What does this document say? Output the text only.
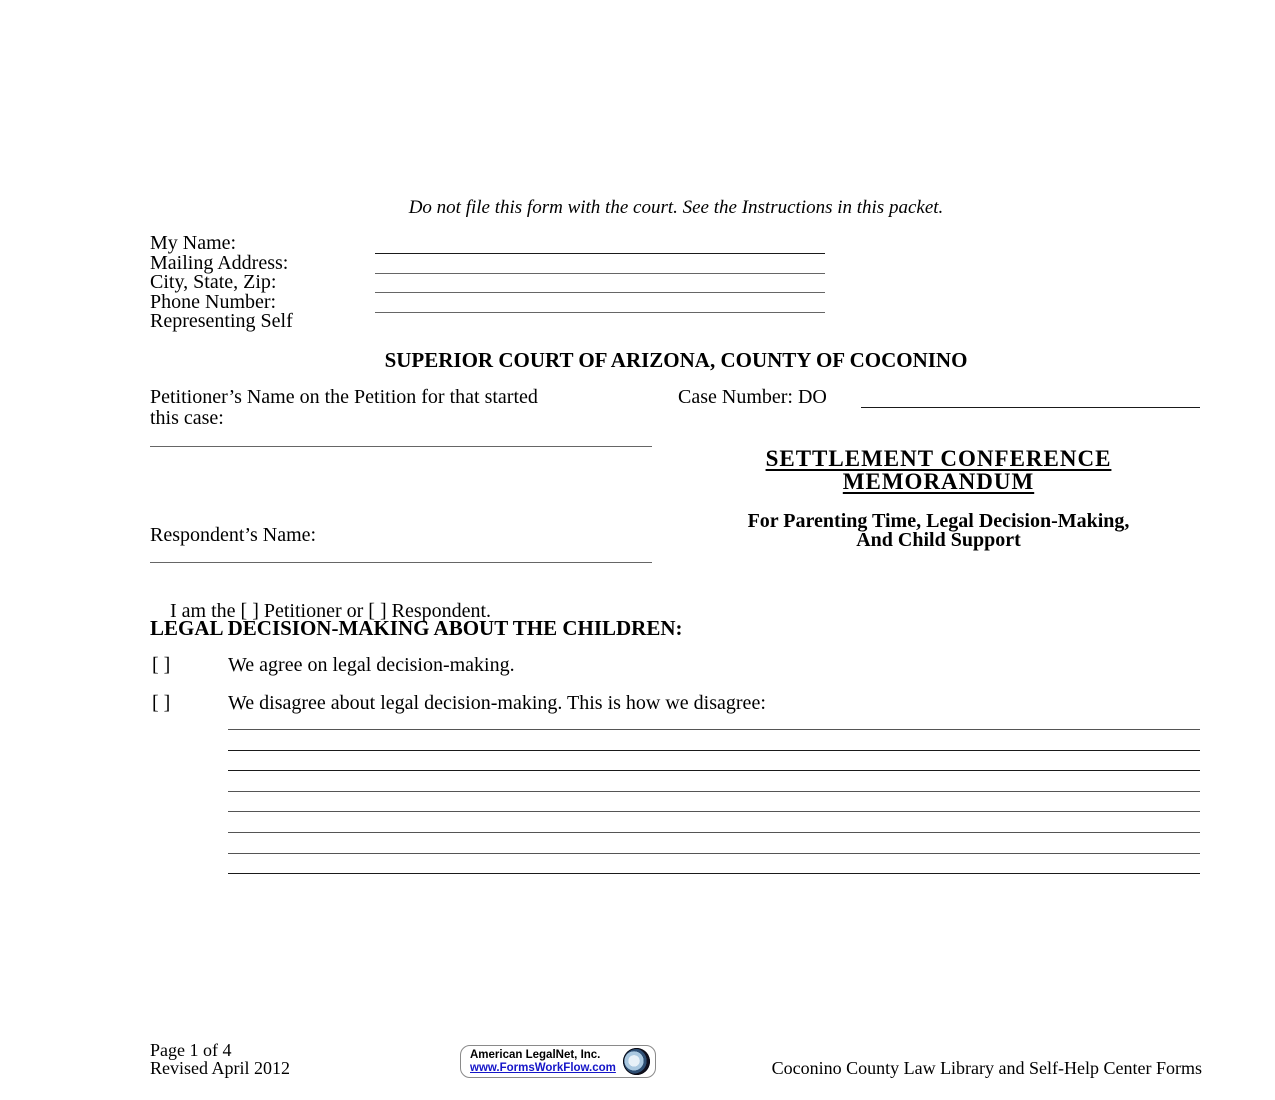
Do not file this form with the court. See the Instructions in this packet.
My Name:
Mailing Address:
City, State, Zip:
Phone Number:
Representing Self
SUPERIOR COURT OF ARIZONA, COUNTY OF COCONINO
Petitioner’s Name on the Petition for that started
this case:
Case Number: DO
SETTLEMENT CONFERENCE
MEMORANDUM
For Parenting Time, Legal Decision-Making,
And Child Support
Respondent’s Name:

I am the [ ] Petitioner or [ ] Respondent.

LEGAL DECISION-MAKING ABOUT THE CHILDREN:
[ ]	We agree on legal decision-making.
[ ]	We disagree about legal decision-making. This is how we disagree:
Page 1 of 4
Revised April 2012
American LegalNet, Inc.
www.FormsWorkFlow.com	Coconino County Law Library and Self-Help Center Forms
